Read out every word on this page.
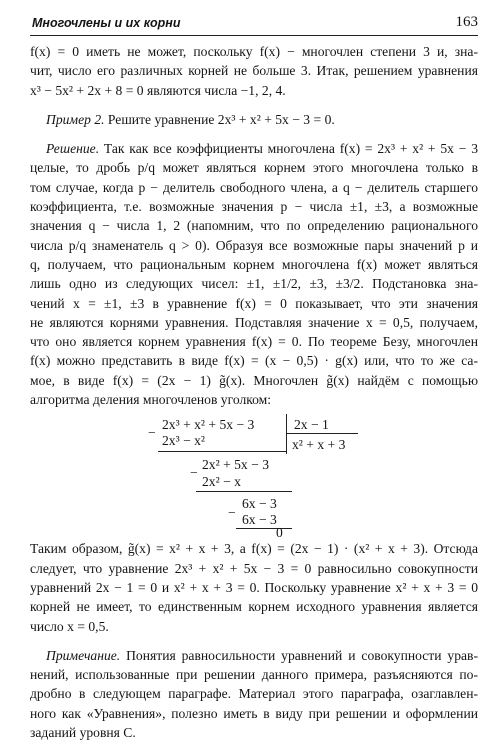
Многочлены и их корни	163
f(x) = 0 иметь не может, поскольку f(x) − многочлен степени 3 и, зна-
чит, число его различных корней не больше 3. Итак, решением уравнения
x³ − 5x² + 2x + 8 = 0 являются числа −1, 2, 4.
Пример 2. Решите уравнение 2x³ + x² + 5x − 3 = 0.
Решение. Так как все коэффициенты многочлена f(x) = 2x³ + x² + 5x − 3
целые, то дробь p/q может являться корнем этого многочлена только в
том случае, когда p − делитель свободного члена, а q − делитель старшего
коэффициента, т.е. возможные значения p − числа ±1, ±3, а возможные
значения q − числа 1, 2 (напомним, что по определению рационального
числа p/q знаменатель q > 0). Образуя все возможные пары значений p и
q, получаем, что рациональным корнем многочлена f(x) может являться
лишь одно из следующих чисел: ±1, ±1/2, ±3, ±3/2. Подстановка зна-
чений x = ±1, ±3 в уравнение f(x) = 0 показывает, что эти значения
не являются корнями уравнения. Подставляя значение x = 0,5, получаем,
что оно является корнем уравнения f(x) = 0. По теореме Безу, многочлен
f(x) можно представить в виде f(x) = (x − 0,5) · g(x) или, что то же са-
мое, в виде f(x) = (2x − 1) g̃(x). Многочлен g̃(x) найдём с помощью
алгоритма деления многочленов уголком:
−
2x³ + x² + 5x − 3	2x − 1
2x³ − x²	x² + x + 3
−
2x² + 5x − 3
2x² − x
−
6x − 3
6x − 3
0
Таким образом, g̃(x) = x² + x + 3, а f(x) = (2x − 1) · (x² + x + 3). Отсюда
следует, что уравнение 2x³ + x² + 5x − 3 = 0 равносильно совокупности
уравнений 2x − 1 = 0 и x² + x + 3 = 0. Поскольку уравнение x² + x + 3 = 0
корней не имеет, то единственным корнем исходного уравнения является
число x = 0,5.
Примечание. Понятия равносильности уравнений и совокупности урав-
нений, использованные при решении данного примера, разъясняются по-
дробно в следующем параграфе. Материал этого параграфа, озаглавлен-
ного как «Уравнения», полезно иметь в виду при решении и оформлении
заданий уровня С.
